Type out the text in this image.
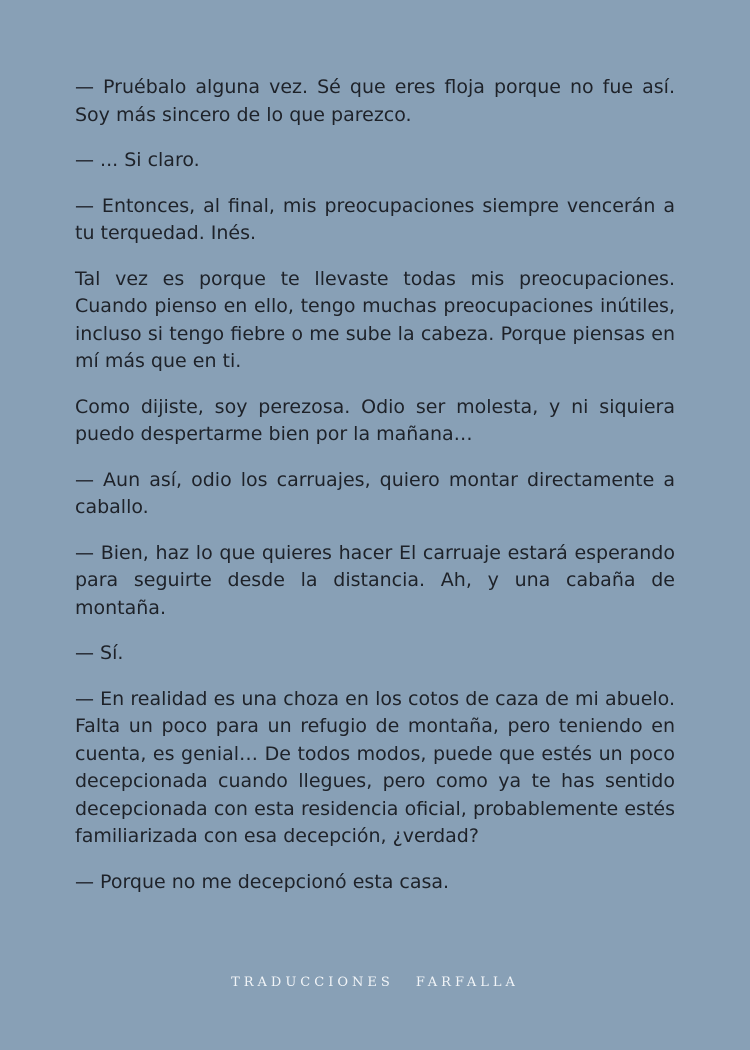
— Pruébalo alguna vez. Sé que eres floja porque no fue así. Soy más sincero de lo que parezco.

— ... Si claro.

— Entonces, al final, mis preocupaciones siempre vencerán a tu terquedad. Inés.

Tal vez es porque te llevaste todas mis preocupaciones. Cuando pienso en ello, tengo muchas preocupaciones inútiles, incluso si tengo fiebre o me sube la cabeza. Porque piensas en mí más que en ti.

Como dijiste, soy perezosa. Odio ser molesta, y ni siquiera puedo despertarme bien por la mañana…

— Aun así, odio los carruajes, quiero montar directamente a caballo.

— Bien, haz lo que quieres hacer El carruaje estará esperando para seguirte desde la distancia. Ah, y una cabaña de montaña.

— Sí.

— En realidad es una choza en los cotos de caza de mi abuelo. Falta un poco para un refugio de montaña, pero teniendo en cuenta, es genial… De todos modos, puede que estés un poco decepcionada cuando llegues, pero como ya te has sentido decepcionada con esta residencia oficial, probablemente estés familiarizada con esa decepción, ¿verdad?

— Porque no me decepcionó esta casa.

TRADUCCIONES FARFALLA
